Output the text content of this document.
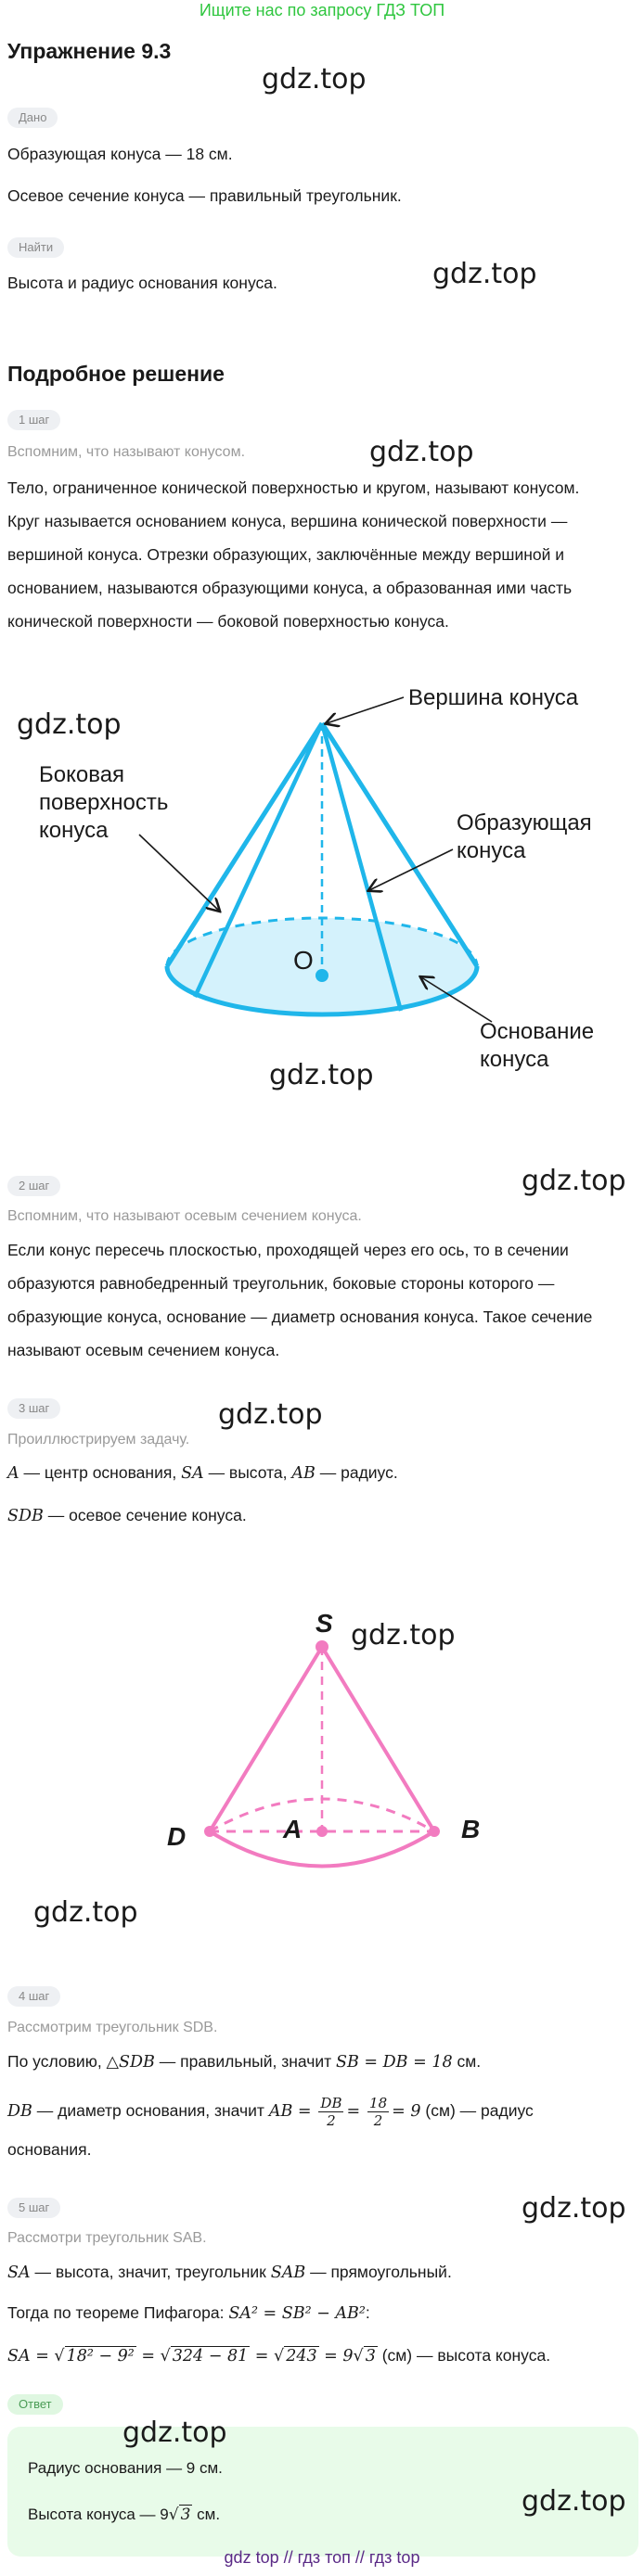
Ищите нас по запросу ГДЗ ТОП
Упражнение 9.3
gdz.top
Дано
Образующая конуса — 18 см.
Осевое сечение конуса — правильный треугольник.
Найти
Высота и радиус основания конуса.	gdz.top
Подробное решение
1 шаг
Вспомним, что называют конусом.	gdz.top
Тело, ограниченное конической поверхностью и кругом, называют конусом.
Круг называется основанием конуса, вершина конической поверхности —
вершиной конуса. Отрезки образующих, заключённые между вершиной и
основанием, называются образующими конуса, а образованная ими часть
конической поверхности — боковой поверхностью конуса.
Вершина конуса
Боковая
поверхность
конуса	Образующая
конуса
O
Основание
конуса
gdz.top
gdz.top
gdz.top
2 шаг
Вспомним, что называют осевым сечением конуса.
Если конус пересечь плоскостью, проходящей через его ось, то в сечении
образуются равнобедренный треугольник, боковые стороны которого —
образующие конуса, основание — диаметр основания конуса. Такое сечение
называют осевым сечением конуса.
3 шаг	gdz.top
Проиллюстрируем задачу.
A — центр основания, SA — высота, AB — радиус.
SDB — осевое сечение конуса.
S
A
D	B
gdz.top
gdz.top
4 шаг
Рассмотрим треугольник SDB.
По условию, △SDB — правильный, значит SB = DB = 18 см.
DB — диаметр основания, значит AB = $\frac{DB}{2} = \frac{18}{2} = 9$ (см) — радиус
основания.
5 шаг	gdz.top
Рассмотри треугольник SAB.
SA — высота, значит, треугольник SAB — прямоугольный.
Тогда по теореме Пифагора: SA² = SB² − AB²:
SA = √ 18² − 9² = √ 324 − 81 = √ 243 = 9√ 3 (см) — высота конуса.
Ответ
gdz.top
Радиус основания — 9 см.
Высота конуса — 9√ 3 см.	gdz.top
gdz top // гдз топ // гдз top
